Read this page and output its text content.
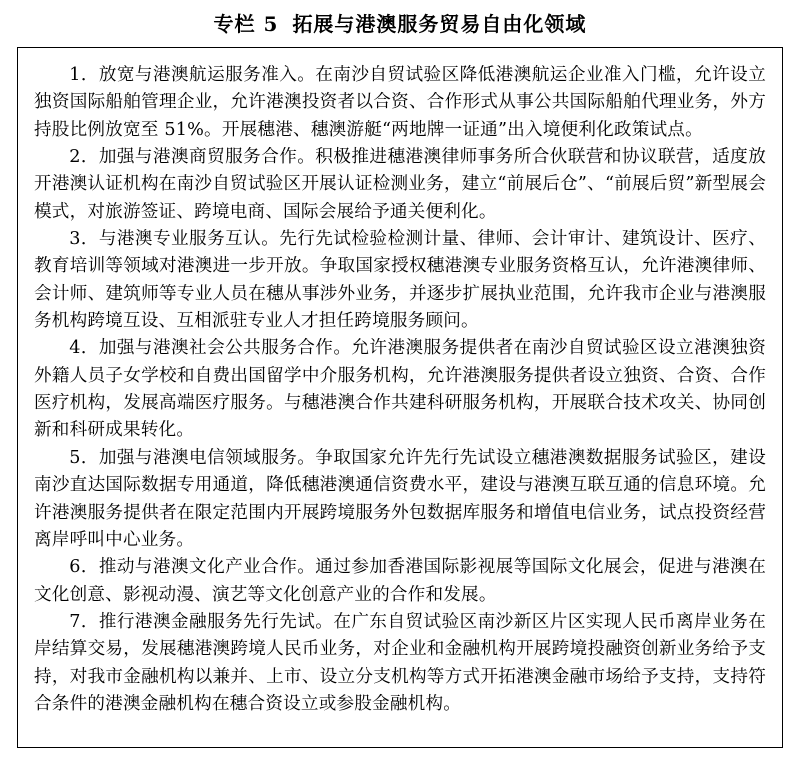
专栏 5 拓展与港澳服务贸易自由化领域

1．放宽与港澳航运服务准入。在南沙自贸试验区降低港澳航运企业准入门槛，允许设立独资国际船舶管理企业，允许港澳投资者以合资、合作形式从事公共国际船舶代理业务，外方持股比例放宽至 51%。开展穗港、穗澳游艇“两地牌一证通”出入境便利化政策试点。

2．加强与港澳商贸服务合作。积极推进穗港澳律师事务所合伙联营和协议联营，适度放开港澳认证机构在南沙自贸试验区开展认证检测业务，建立“前展后仓”、“前展后贸”新型展会模式，对旅游签证、跨境电商、国际会展给予通关便利化。

3．与港澳专业服务互认。先行先试检验检测计量、律师、会计审计、建筑设计、医疗、教育培训等领域对港澳进一步开放。争取国家授权穗港澳专业服务资格互认，允许港澳律师、会计师、建筑师等专业人员在穗从事涉外业务，并逐步扩展执业范围，允许我市企业与港澳服务机构跨境互设、互相派驻专业人才担任跨境服务顾问。

4．加强与港澳社会公共服务合作。允许港澳服务提供者在南沙自贸试验区设立港澳独资外籍人员子女学校和自费出国留学中介服务机构，允许港澳服务提供者设立独资、合资、合作医疗机构，发展高端医疗服务。与穗港澳合作共建科研服务机构，开展联合技术攻关、协同创新和科研成果转化。

5．加强与港澳电信领域服务。争取国家允许先行先试设立穗港澳数据服务试验区，建设南沙直达国际数据专用通道，降低穗港澳通信资费水平，建设与港澳互联互通的信息环境。允许港澳服务提供者在限定范围内开展跨境服务外包数据库服务和增值电信业务，试点投资经营离岸呼叫中心业务。

6．推动与港澳文化产业合作。通过参加香港国际影视展等国际文化展会，促进与港澳在文化创意、影视动漫、演艺等文化创意产业的合作和发展。

7．推行港澳金融服务先行先试。在广东自贸试验区南沙新区片区实现人民币离岸业务在岸结算交易，发展穗港澳跨境人民币业务，对企业和金融机构开展跨境投融资创新业务给予支持，对我市金融机构以兼并、上市、设立分支机构等方式开拓港澳金融市场给予支持，支持符合条件的港澳金融机构在穗合资设立或参股金融机构。
